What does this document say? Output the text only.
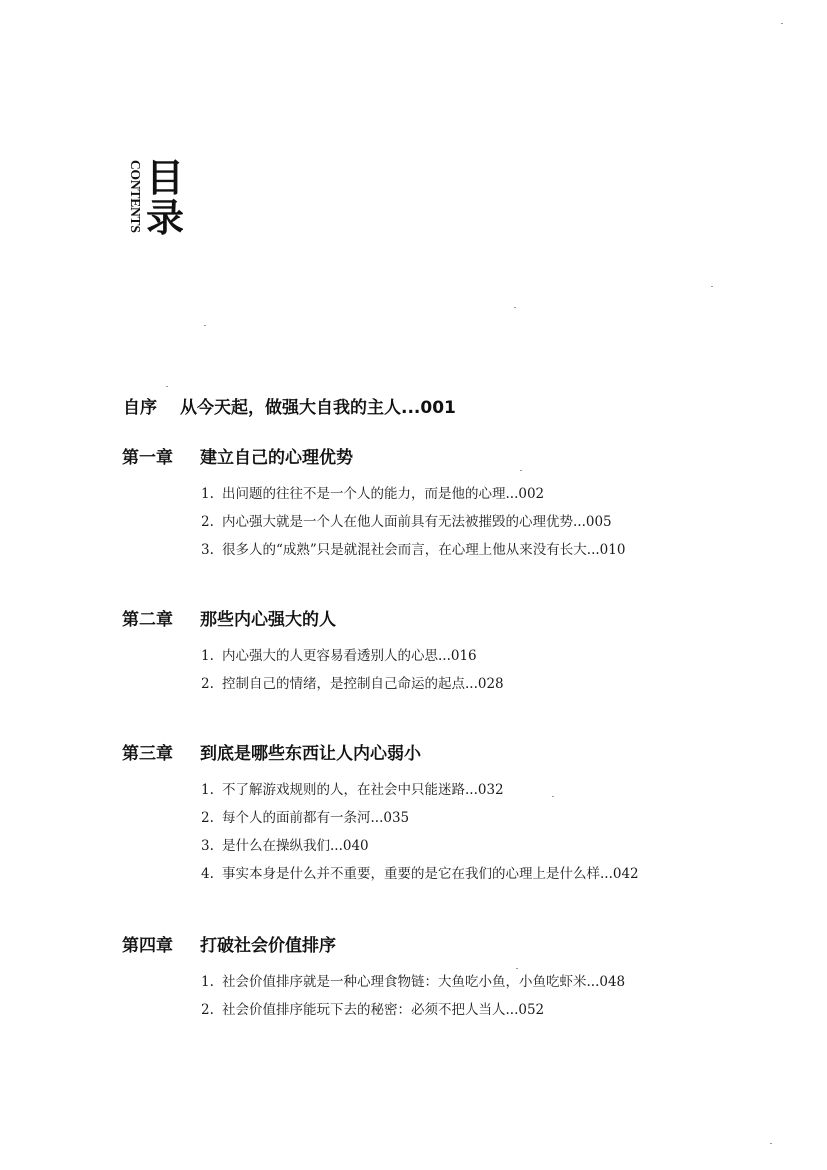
CONTENTS 目
录
自序 从今天起，做强大自我的主人...001
第一章 建立自己的心理优势
1. 出问题的往往不是一个人的能力，而是他的心理...002
2. 内心强大就是一个人在他人面前具有无法被摧毁的心理优势...005
3. 很多人的“成熟”只是就混社会而言，在心理上他从来没有长大...010
第二章 那些内心强大的人
1. 内心强大的人更容易看透别人的心思...016
2. 控制自己的情绪，是控制自己命运的起点...028
第三章 到底是哪些东西让人内心弱小
1. 不了解游戏规则的人，在社会中只能迷路...032
2. 每个人的面前都有一条河...035
3. 是什么在操纵我们...040
4. 事实本身是什么并不重要，重要的是它在我们的心理上是什么样...042
第四章 打破社会价值排序
1. 社会价值排序就是一种心理食物链：大鱼吃小鱼，小鱼吃虾米...048
2. 社会价值排序能玩下去的秘密：必须不把人当人...052
